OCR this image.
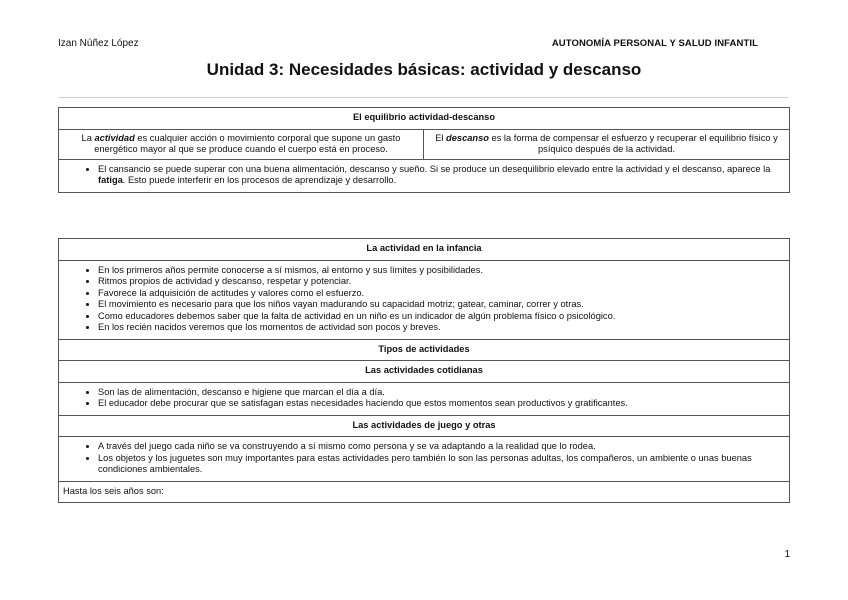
Izan Núñez López	AUTONOMÍA PERSONAL Y SALUD INFANTIL
Unidad 3: Necesidades básicas: actividad y descanso
El equilibrio actividad-descanso
La actividad es cualquier acción o movimiento corporal que supone un gasto energético mayor al que se produce cuando el cuerpo está en proceso.	El descanso es la forma de compensar el esfuerzo y recuperar el equilibrio físico y psíquico después de la actividad.

• El cansancio se puede superar con una buena alimentación, descanso y sueño. Si se produce un desequilibrio elevado entre la actividad y el descanso, aparece la fatiga. Esto puede interferir en los procesos de aprendizaje y desarrollo.
La actividad en la infancia

• En los primeros años permite conocerse a sí mismos, al entorno y sus límites y posibilidades.
• Ritmos propios de actividad y descanso, respetar y potenciar.
• Favorece la adquisición de actitudes y valores como el esfuerzo.
• El movimiento es necesario para que los niños vayan madurando su capacidad motriz; gatear, caminar, correr y otras.
• Como educadores debemos saber que la falta de actividad en un niño es un indicador de algún problema físico o psicológico.
• En los recién nacidos veremos que los momentos de actividad son pocos y breves.

Tipos de actividades
Las actividades cotidianas

• Son las de alimentación, descanso e higiene que marcan el día a día.
• El educador debe procurar que se satisfagan estas necesidades haciendo que estos momentos sean productivos y gratificantes.

Las actividades de juego y otras

• A través del juego cada niño se va construyendo a sí mismo como persona y se va adaptando a la realidad que lo rodea.
• Los objetos y los juguetes son muy importantes para estas actividades pero también lo son las personas adultas, los compañeros, un ambiente o unas buenas condiciones ambientales.

Hasta los seis años son:
1
